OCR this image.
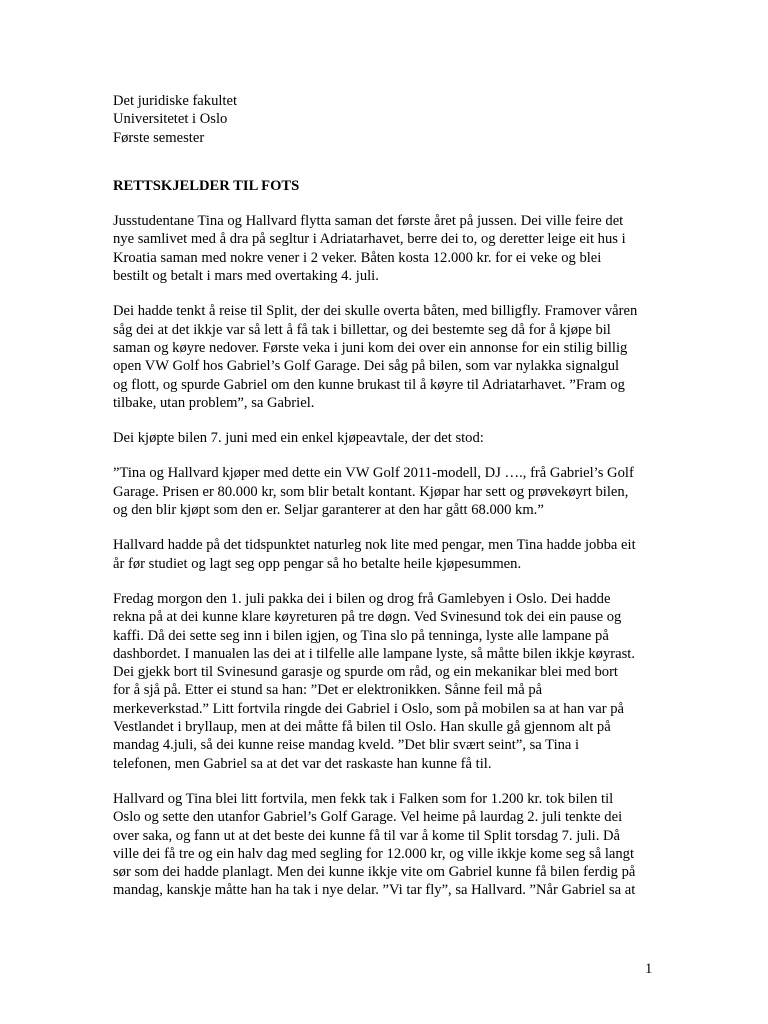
Det juridiske fakultet
Universitetet i Oslo
Første semester
RETTSKJELDER TIL FOTS

Jusstudentane Tina og Hallvard flytta saman det første året på jussen. Dei ville feire det
nye samlivet med å dra på segltur i Adriatarhavet, berre dei to, og deretter leige eit hus i
Kroatia saman med nokre vener i 2 veker. Båten kosta 12.000 kr. for ei veke og blei
bestilt og betalt i mars med overtaking 4. juli.

Dei hadde tenkt å reise til Split, der dei skulle overta båten, med billigfly. Framover våren
såg dei at det ikkje var så lett å få tak i billettar, og dei bestemte seg då for å kjøpe bil
saman og køyre nedover. Første veka i juni kom dei over ein annonse for ein stilig billig
open VW Golf hos Gabriel’s Golf Garage. Dei såg på bilen, som var nylakka signalgul
og flott, og spurde Gabriel om den kunne brukast til å køyre til Adriatarhavet. ”Fram og
tilbake, utan problem”, sa Gabriel.

Dei kjøpte bilen 7. juni med ein enkel kjøpeavtale, der det stod:

”Tina og Hallvard kjøper med dette ein VW Golf 2011-modell, DJ …., frå Gabriel’s Golf
Garage. Prisen er 80.000 kr, som blir betalt kontant. Kjøpar har sett og prøvekøyrt bilen,
og den blir kjøpt som den er. Seljar garanterer at den har gått 68.000 km.”

Hallvard hadde på det tidspunktet naturleg nok lite med pengar, men Tina hadde jobba eit
år før studiet og lagt seg opp pengar så ho betalte heile kjøpesummen.

Fredag morgon den 1. juli pakka dei i bilen og drog frå Gamlebyen i Oslo. Dei hadde
rekna på at dei kunne klare køyreturen på tre døgn. Ved Svinesund tok dei ein pause og
kaffi. Då dei sette seg inn i bilen igjen, og Tina slo på tenninga, lyste alle lampane på
dashbordet. I manualen las dei at i tilfelle alle lampane lyste, så måtte bilen ikkje køyrast.
Dei gjekk bort til Svinesund garasje og spurde om råd, og ein mekanikar blei med bort
for å sjå på. Etter ei stund sa han: ”Det er elektronikken. Sånne feil må på
merkeverkstad.” Litt fortvila ringde dei Gabriel i Oslo, som på mobilen sa at han var på
Vestlandet i bryllaup, men at dei måtte få bilen til Oslo. Han skulle gå gjennom alt på
mandag 4.juli, så dei kunne reise mandag kveld. ”Det blir svært seint”, sa Tina i
telefonen, men Gabriel sa at det var det raskaste han kunne få til.

Hallvard og Tina blei litt fortvila, men fekk tak i Falken som for 1.200 kr. tok bilen til
Oslo og sette den utanfor Gabriel’s Golf Garage. Vel heime på laurdag 2. juli tenkte dei
over saka, og fann ut at det beste dei kunne få til var å kome til Split torsdag 7. juli. Då
ville dei få tre og ein halv dag med segling for 12.000 kr, og ville ikkje kome seg så langt
sør som dei hadde planlagt. Men dei kunne ikkje vite om Gabriel kunne få bilen ferdig på
mandag, kanskje måtte han ha tak i nye delar. ”Vi tar fly”, sa Hallvard. ”Når Gabriel sa at

1
